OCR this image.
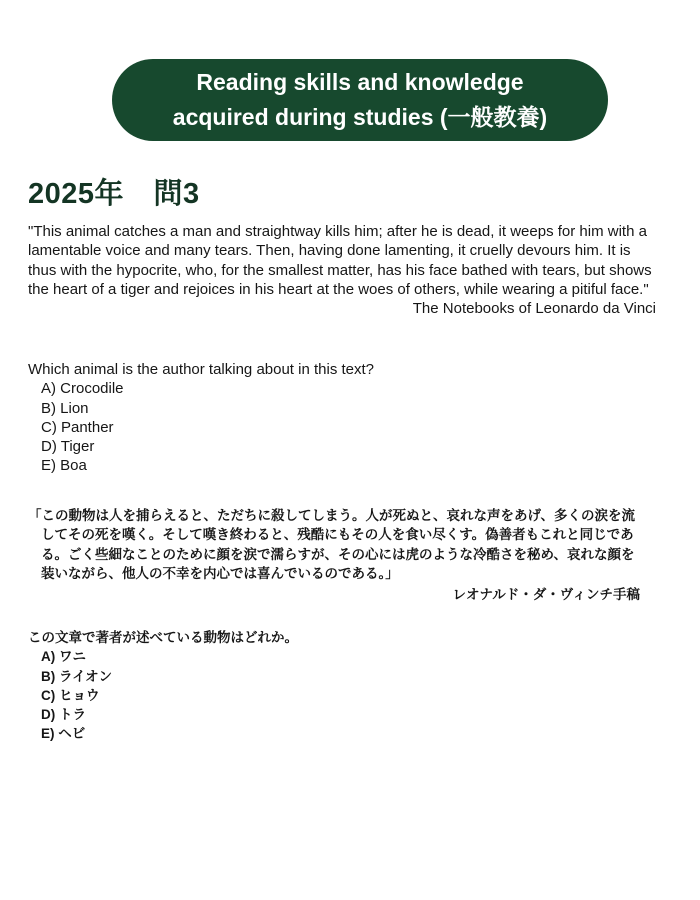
Reading skills and knowledge
acquired during studies (一般教養)
2025年　問3
"This animal catches a man and straightway kills him; after he is dead, it weeps for him with a lamentable voice and many tears. Then, having done lamenting, it cruelly devours him. It is thus with the hypocrite, who, for the smallest matter, has his face bathed with tears, but shows the heart of a tiger and rejoices in his heart at the woes of others, while wearing a pitiful face."
The Notebooks of Leonardo da Vinci
Which animal is the author talking about in this text?
A) Crocodile
B) Lion
C) Panther
D) Tiger
E) Boa
「この動物は人を捕らえると、ただちに殺してしまう。人が死ぬと、哀れな声をあげ、多くの涙を流してその死を嘆く。そして嘆き終わると、残酷にもその人を食い尽くす。偽善者もこれと同じである。ごく些細なことのために顔を涙で濡らすが、その心には虎のような冷酷さを秘め、哀れな顔を装いながら、他人の不幸を内心では喜んでいるのである。」
レオナルド・ダ・ヴィンチ手稿
この文章で著者が述べている動物はどれか。
A) ワニ
B) ライオン
C) ヒョウ
D) トラ
E) ヘビ
